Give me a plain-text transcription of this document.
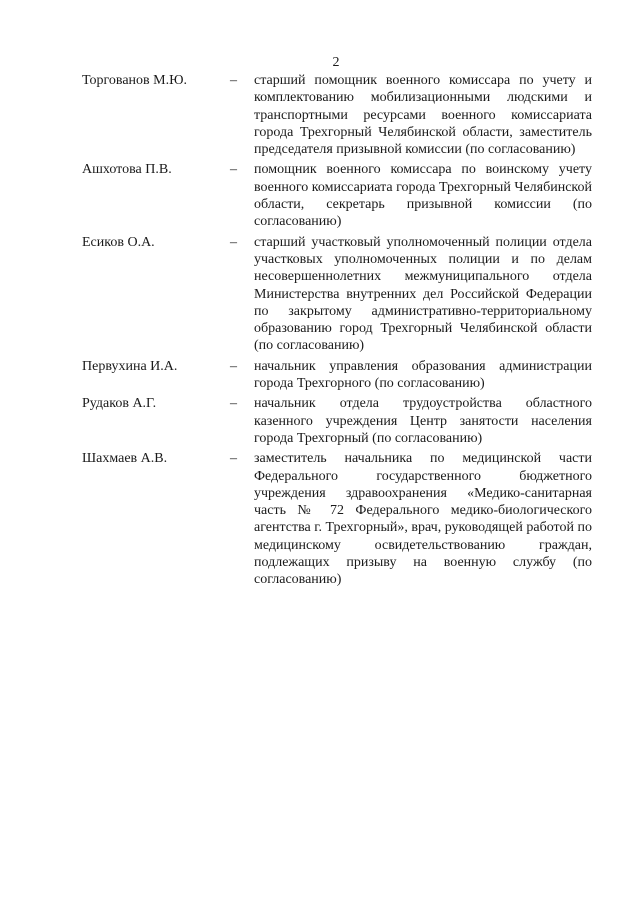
2
Торгованов М.Ю.	– старший помощник военного комиссара по учету и комплектованию мобилизационными людскими и транспортными ресурсами военного комиссариата города Трехгорный Челябинской области, заместитель председателя призывной комиссии (по согласованию)
Ашхотова П.В.	– помощник военного комиссара по воинскому учету военного комиссариата города Трехгорный Челябинской области, секретарь призывной комиссии (по согласованию)
Есиков О.А.	– старший участковый уполномоченный полиции отдела участковых уполномоченных полиции и по делам несовершеннолетних межмуниципального отдела Министерства внутренних дел Российской Федерации по закрытому административно-территориальному образованию город Трехгорный Челябинской области (по согласованию)
Первухина И.А.	– начальник управления образования администрации города Трехгорного (по согласованию)
Рудаков А.Г.	– начальник отдела трудоустройства областного казенного учреждения Центр занятости населения города Трехгорный (по согласованию)
Шахмаев А.В.	– заместитель начальника по медицинской части Федерального государственного бюджетного учреждения здравоохранения «Медико-санитарная часть № 72 Федерального медико-биологического агентства г. Трехгорный», врач, руководящей работой по медицинскому освидетельствованию граждан, подлежащих призыву на военную службу (по согласованию)
